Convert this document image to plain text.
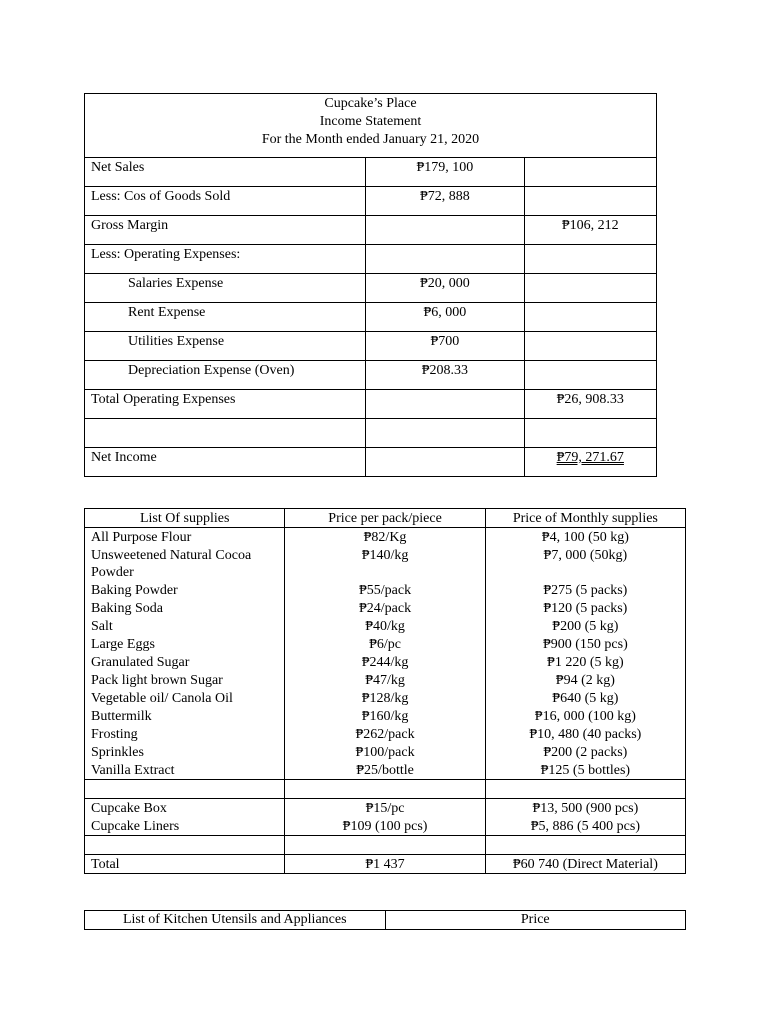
Cupcake’s Place
Income Statement
For the Month ended January 21, 2020		

Net Sales	₱179, 100	
Less: Cos of Goods Sold	₱72, 888	
Gross Margin		₱106, 212
Less: Operating Expenses:		
Salaries Expense	₱20, 000	
Rent Expense	₱6, 000	
Utilities Expense	₱700	
Depreciation Expense (Oven)	₱208.33	
Total Operating Expenses		₱26, 908.33

Net Income		₱79, 271.67
List Of supplies	Price per pack/piece	Price of Monthly supplies
All Purpose Flour	₱82/Kg	₱4, 100 (50 kg)
Unsweetened Natural Cocoa Powder	₱140/kg	₱7, 000 (50kg)
Baking Powder	₱55/pack	₱275 (5 packs)
Baking Soda	₱24/pack	₱120 (5 packs)
Salt	₱40/kg	₱200 (5 kg)
Large Eggs	₱6/pc	₱900 (150 pcs)
Granulated Sugar	₱244/kg	₱1 220 (5 kg)
Pack light brown Sugar	₱47/kg	₱94 (2 kg)
Vegetable oil/ Canola Oil	₱128/kg	₱640 (5 kg)
Buttermilk	₱160/kg	₱16, 000 (100 kg)
Frosting	₱262/pack	₱10, 480 (40 packs)
Sprinkles	₱100/pack	₱200 (2 packs)
Vanilla Extract	₱25/bottle	₱125 (5 bottles)

Cupcake Box	₱15/pc	₱13, 500 (900 pcs)
Cupcake Liners	₱109 (100 pcs)	₱5, 886 (5 400 pcs)

Total	₱1 437	₱60 740 (Direct Material)
List of Kitchen Utensils and Appliances	Price
